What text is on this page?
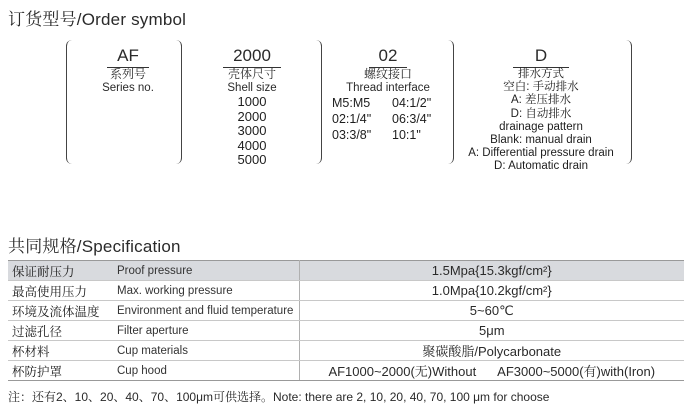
订货型号/Order symbol
AF
系列号
Series no.
2000
壳体尺寸
Shell size
1000
2000
3000
4000
5000
02
螺纹接口
Thread interface
M5:M5	04:1/2"
02:1/4"	06:3/4"
03:3/8"	10:1"
D
排水方式
空白: 手动排水
A: 差压排水
D: 自动排水
drainage pattern
Blank: manual drain
A: Differential pressure drain
D: Automatic drain
共同规格/Specification
保证耐压力	Proof pressure	1.5Mpa{15.3kgf/cm²}
最高使用压力	Max. working pressure	1.0Mpa{10.2kgf/cm²}
环境及流体温度	Environment and fluid temperature	5~60℃
过滤孔径	Filter aperture	5μm
杯材料	Cup materials	聚碳酸脂/Polycarbonate
杯防护罩	Cup hood	AF1000~2000(无)Without      AF3000~5000(有)with(Iron)
注：还有2、10、20、40、70、100μm可供选择。Note: there are 2, 10, 20, 40, 70, 100 μm for choose
